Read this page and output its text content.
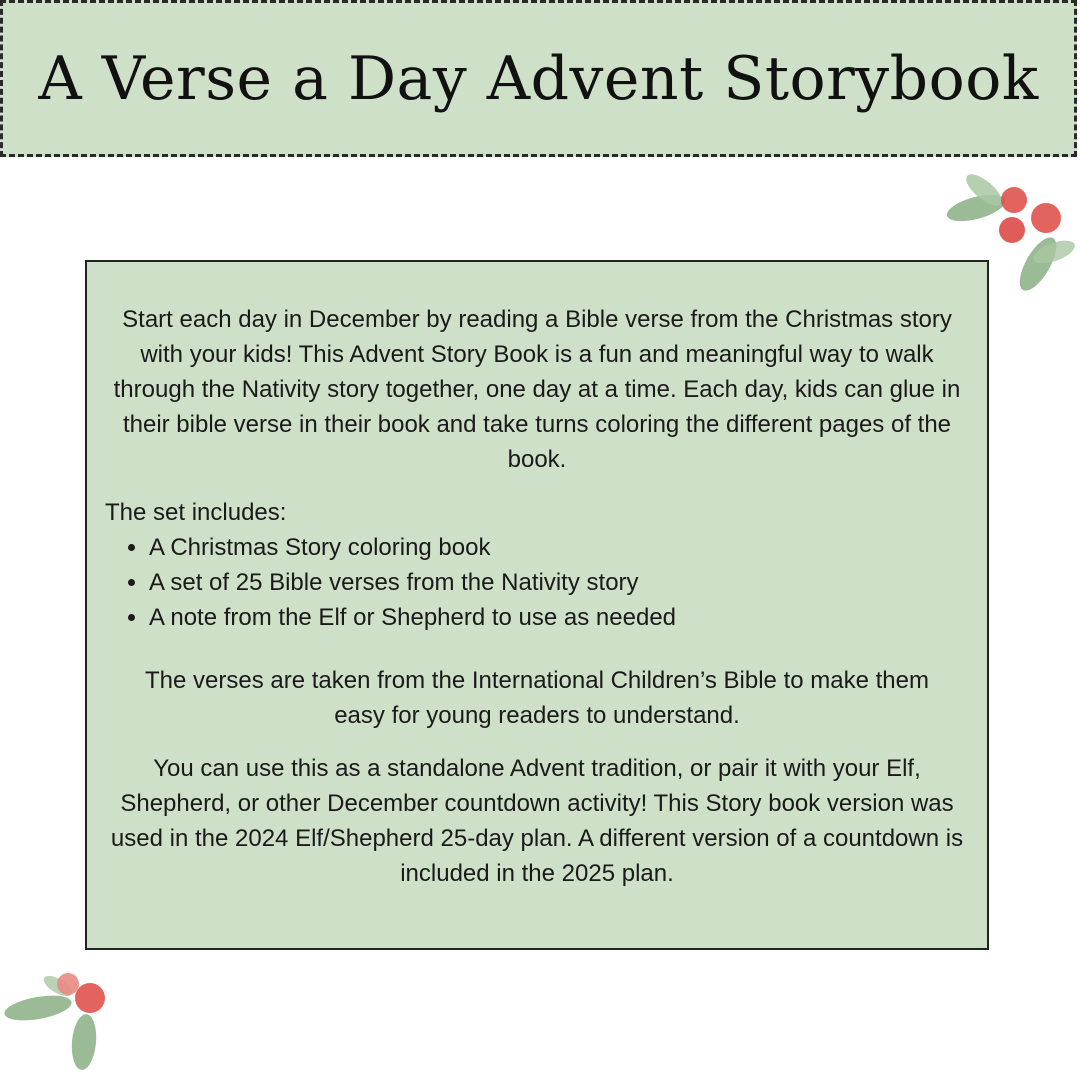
A Verse a Day Advent Storybook

Start each day in December by reading a Bible verse from the Christmas story with your kids! This Advent Story Book is a fun and meaningful way to walk through the Nativity story together, one day at a time. Each day, kids can glue in their bible verse in their book and take turns coloring the different pages of the book.

The set includes:

• A Christmas Story coloring book
• A set of 25 Bible verses from the Nativity story
• A note from the Elf or Shepherd to use as needed

The verses are taken from the International Children’s Bible to make them easy for young readers to understand.

You can use this as a standalone Advent tradition, or pair it with your Elf, Shepherd, or other December countdown activity! This Story book version was used in the 2024 Elf/Shepherd 25-day plan. A different version of a countdown is included in the 2025 plan.
